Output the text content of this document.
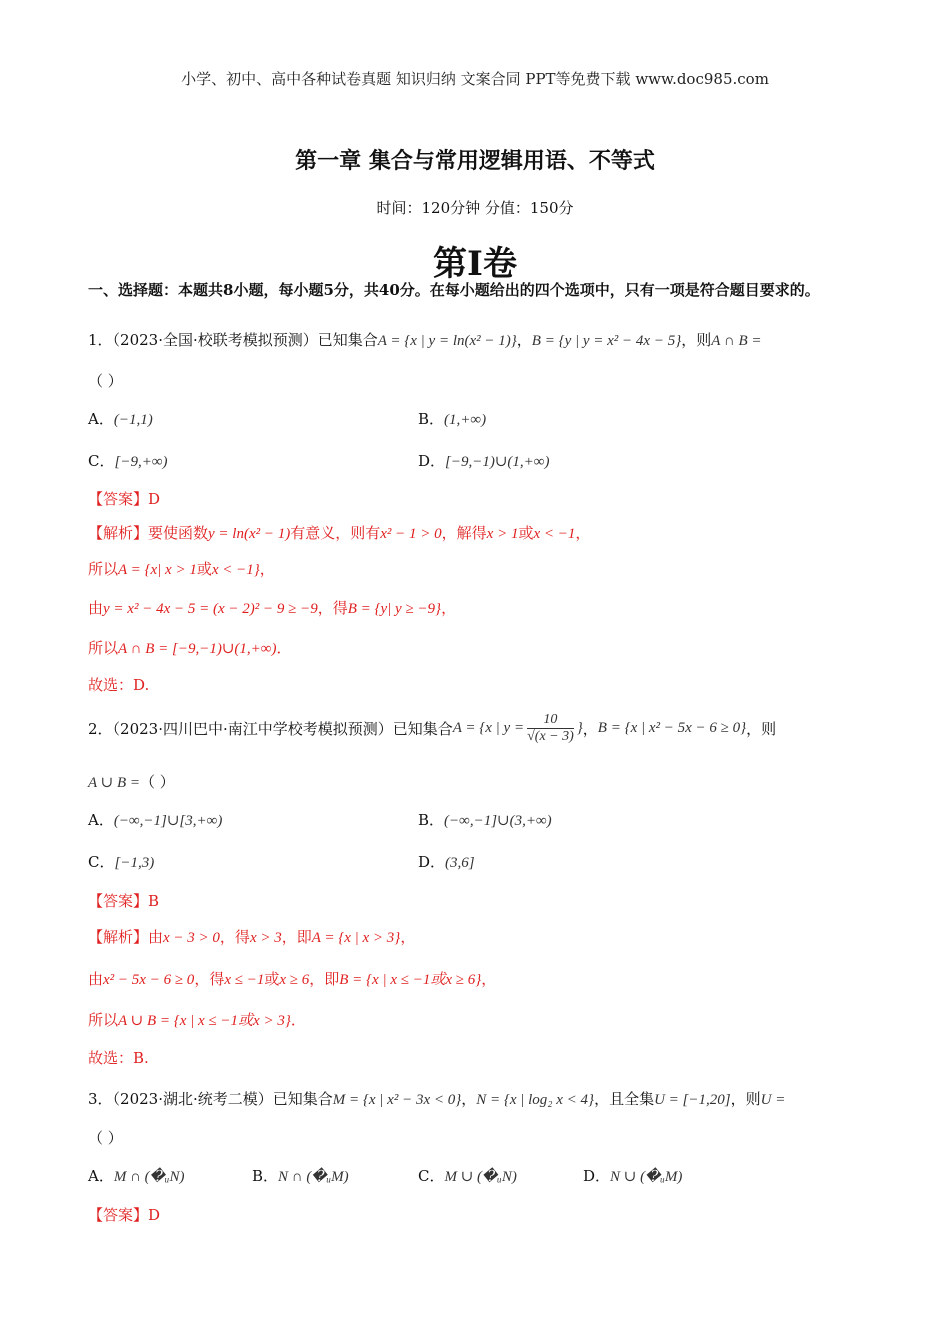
小学、初中、高中各种试卷真题 知识归纳 文案合同 PPT等免费下载 www.doc985.com
第一章 集合与常用逻辑用语、不等式
时间：120分钟 分值：150分
第I卷
一、选择题：本题共8小题，每小题5分，共40分。在每小题给出的四个选项中，只有一项是符合题目要求的。
1．（2023·全国·校联考模拟预测）已知集合A = {x | y = ln(x² − 1)}，B = {y | y = x² − 4x − 5}，则A ∩ B =
（ ）
A．(−1,1)	B．(1,+∞)
C．[−9,+∞)	D．[−9,−1)∪(1,+∞)
【答案】D
【解析】要使函数y = ln(x² − 1)有意义，则有x² − 1 > 0，解得x > 1或x < −1，
所以A = {x| x > 1或x < −1}，
由y = x² − 4x − 5 = (x − 2)² − 9 ≥ −9，得B = {y| y ≥ −9}，
所以A ∩ B = [−9,−1)∪(1,+∞)．
故选：D.
2．（2023·四川巴中·南江中学校考模拟预测）已知集合A = {x | $y = \frac{10}{√(x - 3)}$ }，B = {x | x² − 5x − 6 ≥ 0}，则
A ∪ B =（ ）
A．(−∞,−1]∪[3,+∞)	B．(−∞,−1]∪(3,+∞)
C．[−1,3)	D．(3,6]
【答案】B
【解析】由x − 3 > 0，得x > 3，即A = {x | x > 3}，
由x² − 5x − 6 ≥ 0，得x ≤ −1或x ≥ 6，即B = {x | x ≤ −1或x ≥ 6}，
所以A ∪ B = {x | x ≤ −1或x > 3}．
故选：B.
3．（2023·湖北·统考二模）已知集合M = {x | x² − 3x < 0}，N = {x | log₂ x < 4}，且全集U = [−1,20]，则U =
（ ）
A．M ∩ (�ᵤN)	B．N ∩ (�ᵤM)	C．M ∪ (�ᵤN)	D．N ∪ (�ᵤM)
【答案】D
